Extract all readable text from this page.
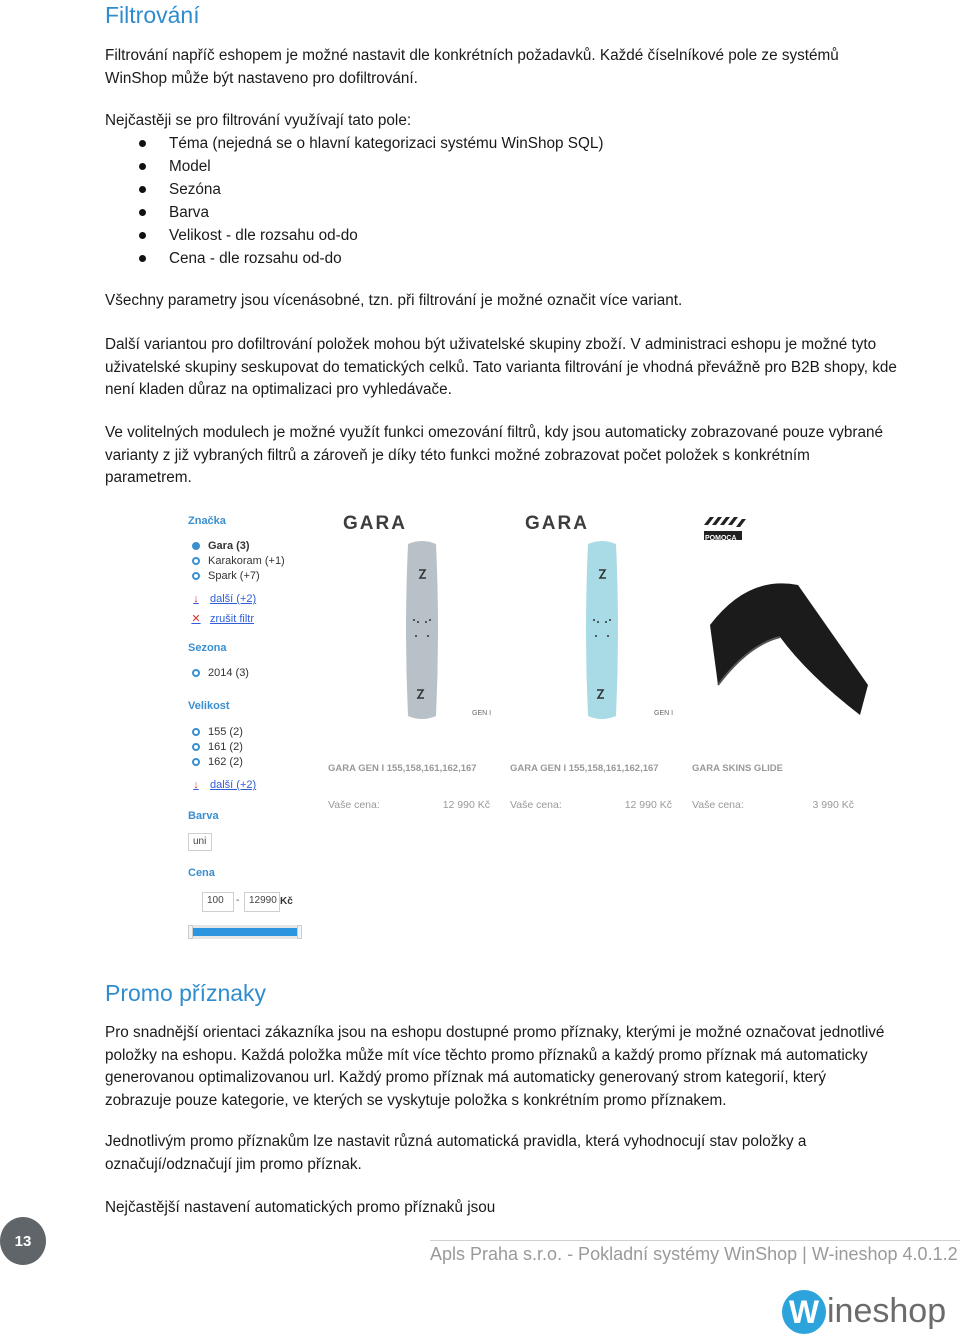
Filtrování
Filtrování napříč eshopem je možné nastavit dle konkrétních požadavků. Každé číselníkové pole ze systémů
WinShop může být nastaveno pro dofiltrování.
Nejčastěji se pro filtrování využívají tato pole:
Téma (nejedná se o hlavní kategorizaci systému WinShop SQL)
Model
Sezóna
Barva
Velikost - dle rozsahu od-do
Cena - dle rozsahu od-do
Všechny parametry jsou vícenásobné, tzn. při filtrování je možné označit více variant.
Další variantou pro dofiltrování položek mohou být uživatelské skupiny zboží. V administraci eshopu je možné tyto
uživatelské skupiny seskupovat do tematických celků. Tato varianta filtrování je vhodná převážně pro B2B shopy, kde
není kladen důraz na optimalizaci pro vyhledávače.
Ve volitelných modulech je možné využít funkci omezování filtrů, kdy jsou automaticky zobrazované pouze vybrané
varianty z již vybraných filtrů a zároveň je díky této funkci možné zobrazovat počet položek s konkrétním
parametrem.
Značka
Gara (3)
Karakoram (+1)
Spark (+7)
↓ další (+2)
✕ zrušit filtr
Sezona
2014 (3)
Velikost
155 (2)
161 (2)
162 (2)
↓ další (+2)
Barva
uni
Cena
100	- 12990 Kč
GARA	GARA
POMOCA
GEN I	GEN I
GARA GEN I 155,158,161,162,167	GARA GEN I 155,158,161,162,167	GARA SKINS GLIDE
Vaše cena:	12 990 Kč Vaše cena:	12 990 Kč Vaše cena:	3 990 Kč
Promo příznaky
Pro snadnější orientaci zákazníka jsou na eshopu dostupné promo příznaky, kterými je možné označovat jednotlivé
položky na eshopu. Každá položka může mít více těchto promo příznaků a každý promo příznak má automaticky
generovanou optimalizovanou url. Každý promo příznak má automaticky generovaný strom kategorií, který
zobrazuje pouze kategorie, ve kterých se vyskytuje položka s konkrétním promo příznakem.
Jednotlivým promo příznakům lze nastavit různá automatická pravidla, která vyhodnocují stav položky a
označují/odznačují jim promo příznak.
Nejčastější nastavení automatických promo příznaků jsou
13
Apls Praha s.r.o. - Pokladní systémy WinShop | W-ineshop 4.0.1.2
W ineshop
